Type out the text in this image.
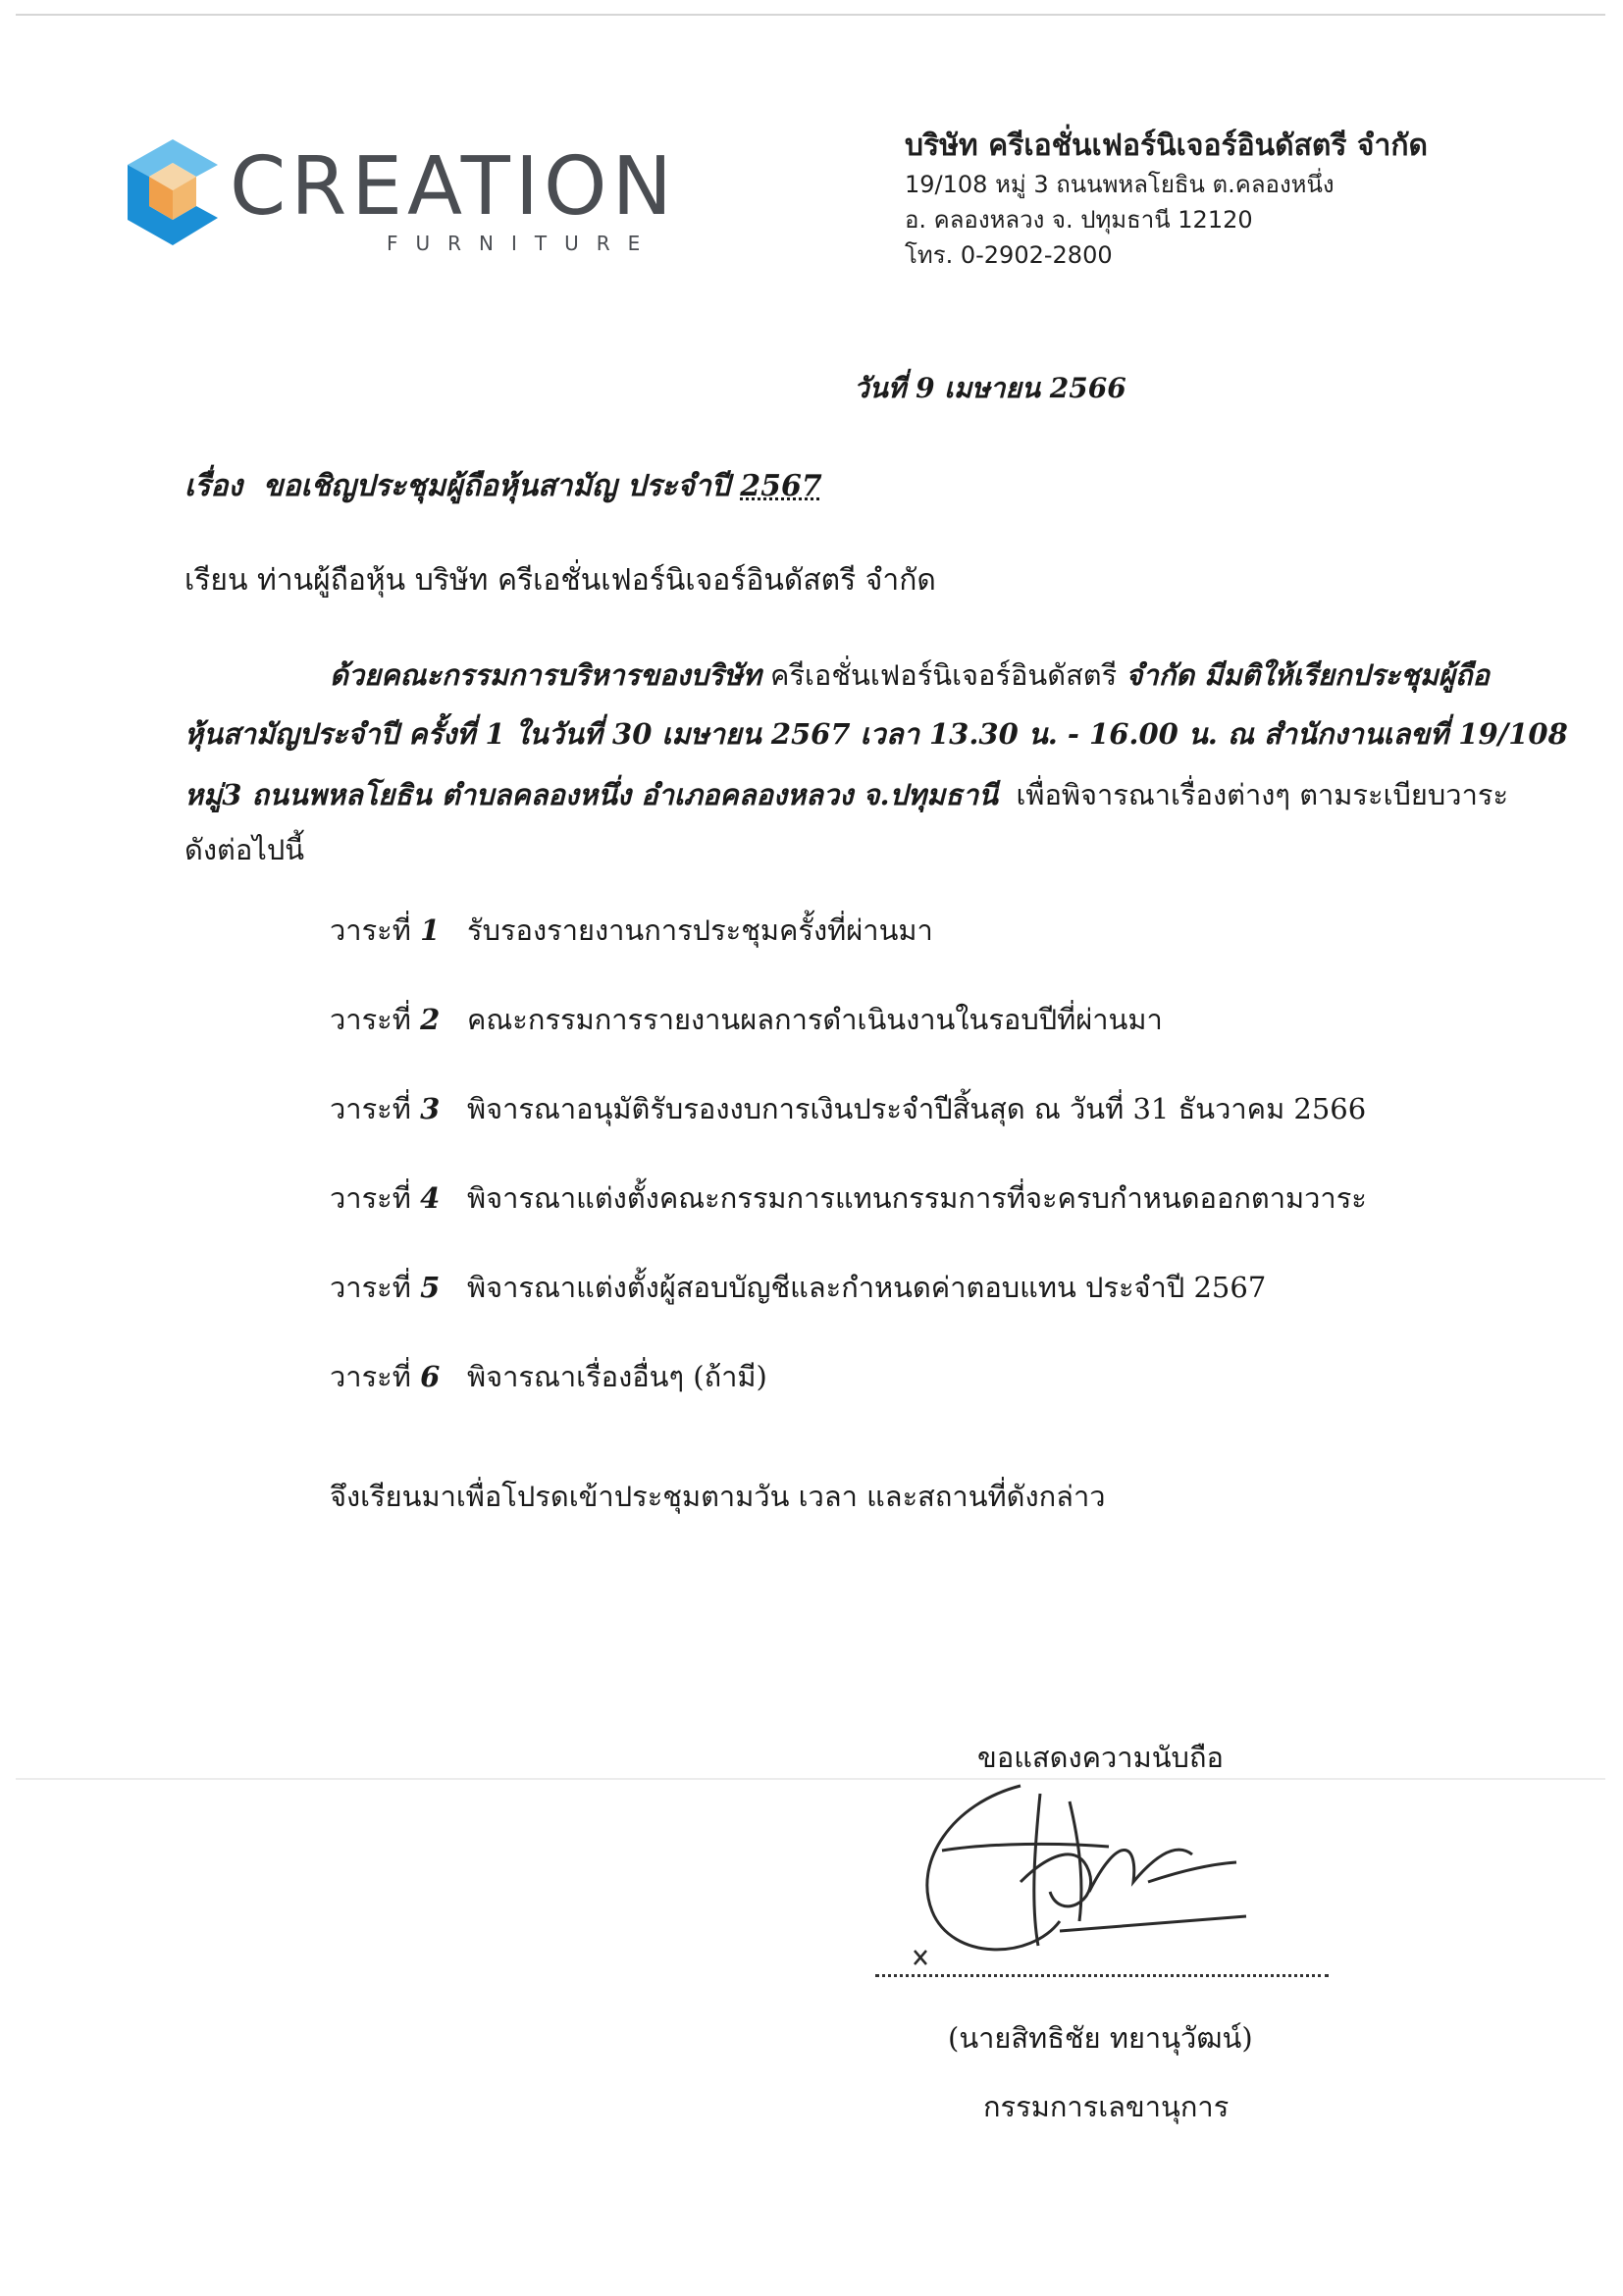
CREATION
FURNITURE
บริษัท ครีเอชั่นเฟอร์นิเจอร์อินดัสตรี จำกัด
19/108 หมู่ 3 ถนนพหลโยธิน ต.คลองหนึ่ง
อ. คลองหลวง จ. ปทุมธานี 12120
โทร. 0-2902-2800
วันที่ 9 เมษายน 2566
เรื่อง ขอเชิญประชุมผู้ถือหุ้นสามัญ ประจำปี 2567
เรียน ท่านผู้ถือหุ้น บริษัท ครีเอชั่นเฟอร์นิเจอร์อินดัสตรี จำกัด
ด้วยคณะกรรมการบริหารของบริษัท ครีเอชั่นเฟอร์นิเจอร์อินดัสตรี จำกัด มีมติให้เรียกประชุมผู้ถือ
หุ้นสามัญประจำปี ครั้งที่ 1 ในวันที่ 30 เมษายน 2567 เวลา 13.30 น. - 16.00 น. ณ สำนักงานเลขที่ 19/108
หมู่3 ถนนพหลโยธิน ตำบลคลองหนึ่ง อำเภอคลองหลวง จ.ปทุมธานี เพื่อพิจารณาเรื่องต่างๆ ตามระเบียบวาระ
ดังต่อไปนี้
วาระที่ 1 รับรองรายงานการประชุมครั้งที่ผ่านมา
วาระที่ 2 คณะกรรมการรายงานผลการดำเนินงานในรอบปีที่ผ่านมา
วาระที่ 3 พิจารณาอนุมัติรับรองงบการเงินประจำปีสิ้นสุด ณ วันที่ 31 ธันวาคม 2566
วาระที่ 4 พิจารณาแต่งตั้งคณะกรรมการแทนกรรมการที่จะครบกำหนดออกตามวาระ
วาระที่ 5 พิจารณาแต่งตั้งผู้สอบบัญชีและกำหนดค่าตอบแทน ประจำปี 2567
วาระที่ 6 พิจารณาเรื่องอื่นๆ (ถ้ามี)
จึงเรียนมาเพื่อโปรดเข้าประชุมตามวัน เวลา และสถานที่ดังกล่าว
ขอแสดงความนับถือ
(นายสิทธิชัย ทยานุวัฒน์)
กรรมการเลขานุการ
